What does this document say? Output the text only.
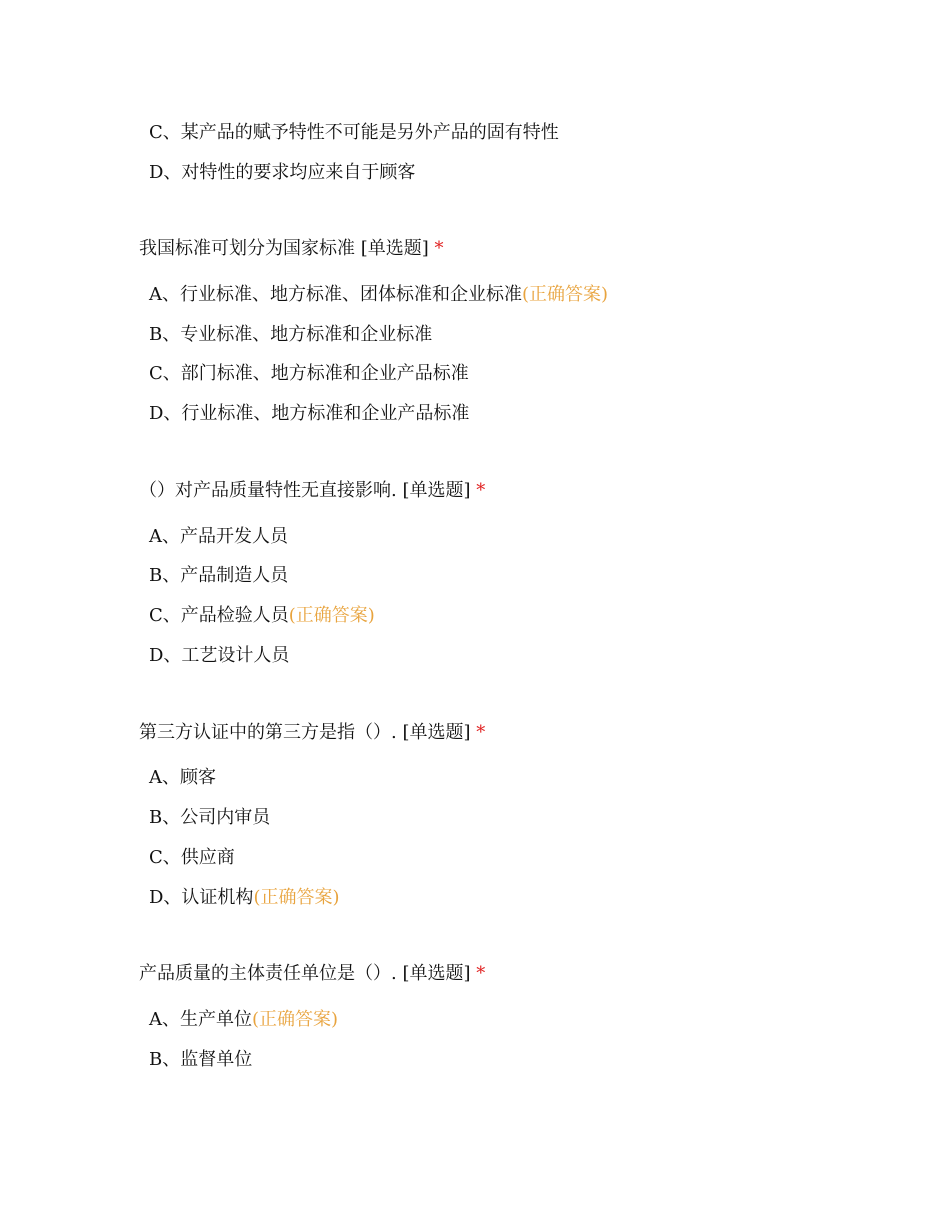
C、某产品的赋予特性不可能是另外产品的固有特性
D、对特性的要求均应来自于顾客
我国标准可划分为国家标准 [单选题] *
A、行业标准、地方标准、团体标准和企业标准(正确答案)
B、专业标准、地方标准和企业标准
C、部门标准、地方标准和企业产品标准
D、行业标准、地方标准和企业产品标准
（）对产品质量特性无直接影响. [单选题] *
A、产品开发人员
B、产品制造人员
C、产品检验人员(正确答案)
D、工艺设计人员
第三方认证中的第三方是指（）. [单选题] *
A、顾客
B、公司内审员
C、供应商
D、认证机构(正确答案)
产品质量的主体责任单位是（）. [单选题] *
A、生产单位(正确答案)
B、监督单位
